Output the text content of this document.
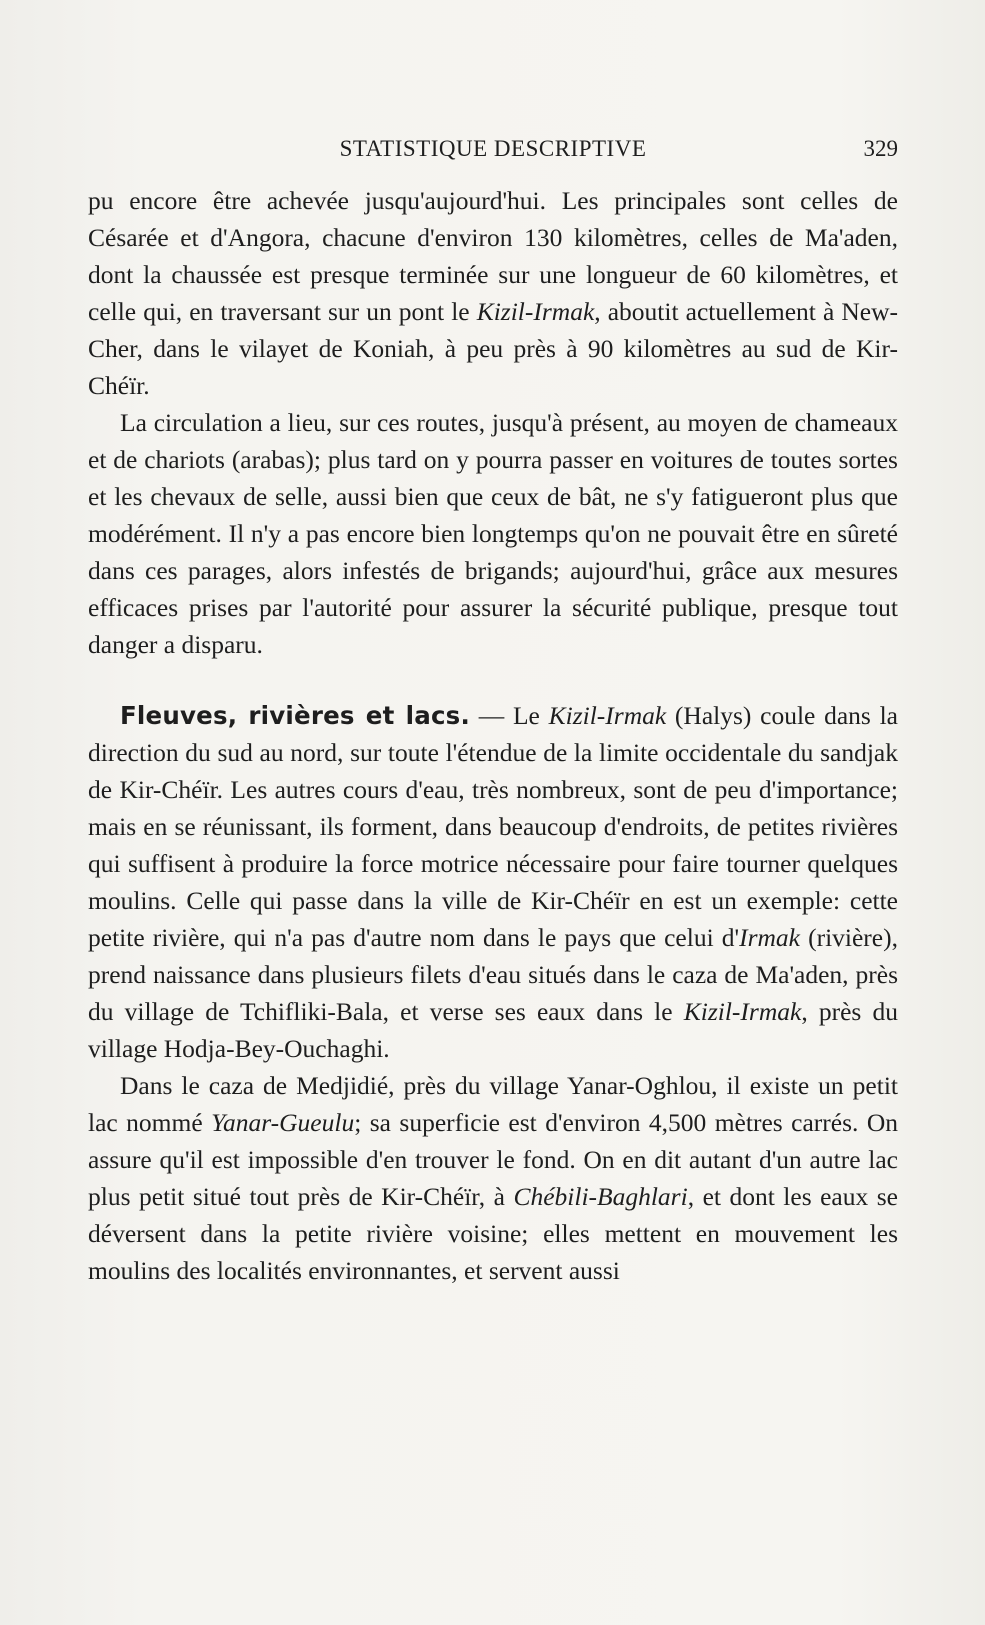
STATISTIQUE DESCRIPTIVE	329

pu encore être achevée jusqu'aujourd'hui. Les principales sont celles de Césarée et d'Angora, chacune d'environ 130 kilomètres, celles de Ma'aden, dont la chaussée est presque terminée sur une longueur de 60 kilomètres, et celle qui, en traversant sur un pont le Kizil-Irmak, aboutit actuellement à New-Cher, dans le vilayet de Koniah, à peu près à 90 kilomètres au sud de Kir-Chéïr.

La circulation a lieu, sur ces routes, jusqu'à présent, au moyen de chameaux et de chariots (arabas); plus tard on y pourra passer en voitures de toutes sortes et les chevaux de selle, aussi bien que ceux de bât, ne s'y fatigueront plus que modérément. Il n'y a pas encore bien longtemps qu'on ne pouvait être en sûreté dans ces parages, alors infestés de brigands; aujourd'hui, grâce aux mesures efficaces prises par l'autorité pour assurer la sécurité publique, presque tout danger a disparu.

Fleuves, rivières et lacs. — Le Kizil-Irmak (Halys) coule dans la direction du sud au nord, sur toute l'étendue de la limite occidentale du sandjak de Kir-Chéïr. Les autres cours d'eau, très nombreux, sont de peu d'importance; mais en se réunissant, ils forment, dans beaucoup d'endroits, de petites rivières qui suffisent à produire la force motrice nécessaire pour faire tourner quelques moulins. Celle qui passe dans la ville de Kir-Chéïr en est un exemple: cette petite rivière, qui n'a pas d'autre nom dans le pays que celui d'Irmak (rivière), prend naissance dans plusieurs filets d'eau situés dans le caza de Ma'aden, près du village de Tchifliki-Bala, et verse ses eaux dans le Kizil-Irmak, près du village Hodja-Bey-Ouchaghi.

Dans le caza de Medjidié, près du village Yanar-Oghlou, il existe un petit lac nommé Yanar-Gueulu; sa superficie est d'environ 4,500 mètres carrés. On assure qu'il est impossible d'en trouver le fond. On en dit autant d'un autre lac plus petit situé tout près de Kir-Chéïr, à Chébili-Baghlari, et dont les eaux se déversent dans la petite rivière voisine; elles mettent en mouvement les moulins des localités environnantes, et servent aussi
